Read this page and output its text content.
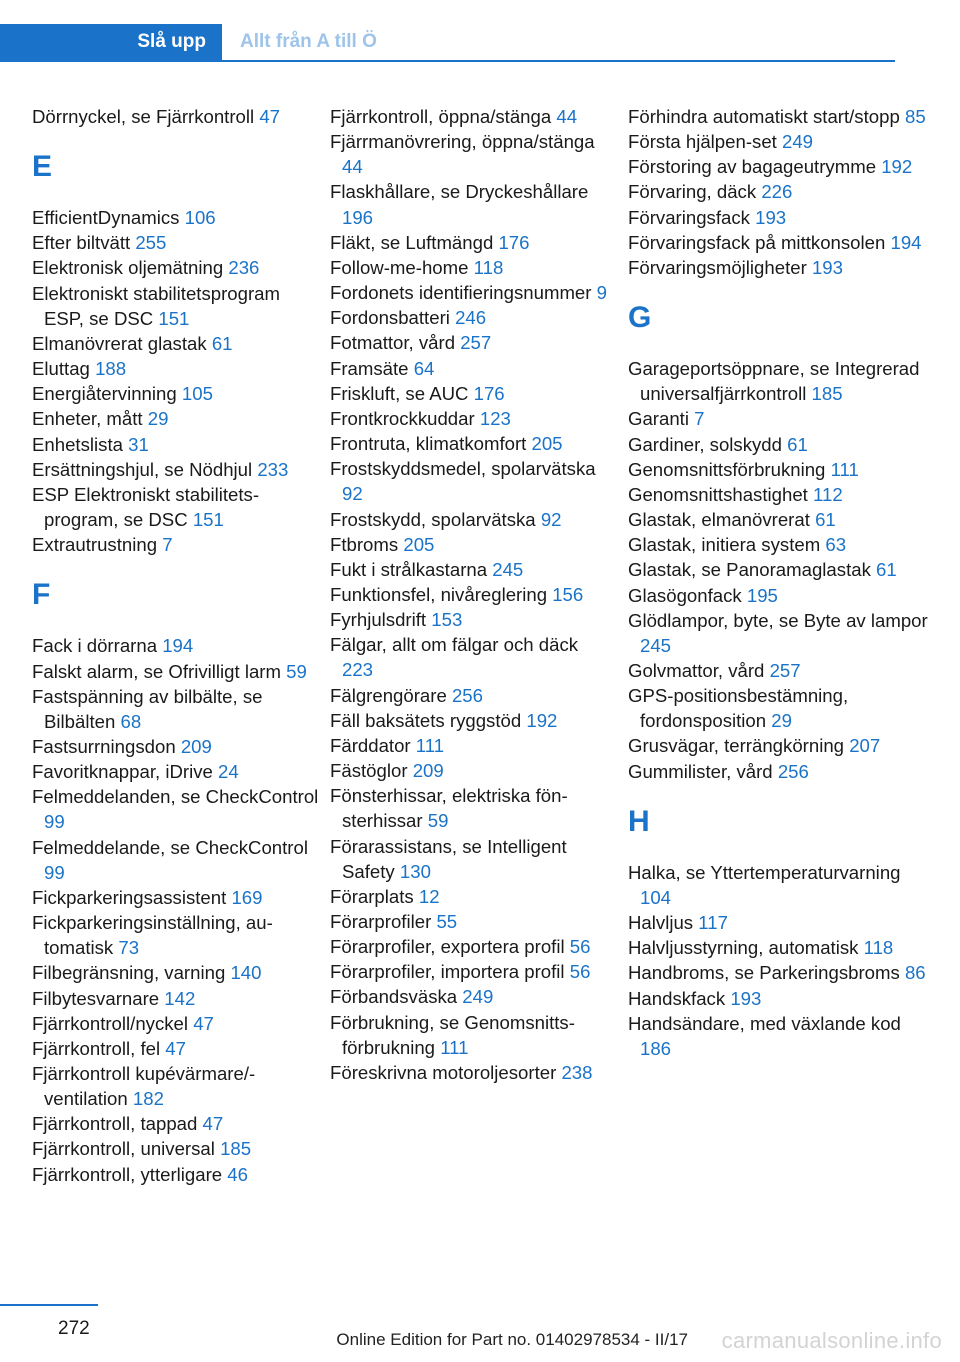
Slå upp	Allt från A till Ö
Dörrnyckel, se Fjärrkontroll 47
E
EfficientDynamics 106
Efter biltvätt 255
Elektronisk oljemätning 236
Elektroniskt stabilitetsprogram ESP, se DSC 151
Elmanövrerat glastak 61
Eluttag 188
Energiåtervinning 105
Enheter, mått 29
Enhetslista 31
Ersättningshjul, se Nödhjul 233
ESP Elektroniskt stabilitetsprogram, se DSC 151
Extrautrustning 7
F
Fack i dörrarna 194
Falskt alarm, se Ofrivilligt larm 59
Fastspänning av bilbälte, se Bilbälten 68
Fastsurrningsdon 209
Favoritknappar, iDrive 24
Felmeddelanden, se CheckControl 99
Felmeddelande, se CheckControl 99
Fickparkeringsassistent 169
Fickparkeringsinställning, automatisk 73
Filbegränsning, varning 140
Filbytesvarnare 142
Fjärrkontroll/nyckel 47
Fjärrkontroll, fel 47
Fjärrkontroll kupévärmare/ventilation 182
Fjärrkontroll, tappad 47
Fjärrkontroll, universal 185
Fjärrkontroll, ytterligare 46
Fjärrkontroll, öppna/stänga 44
Fjärrmanövrering, öppna/stänga 44
Flaskhållare, se Dryckeshållare 196
Fläkt, se Luftmängd 176
Follow-me-home 118
Fordonets identifieringsnummer 9
Fordonsbatteri 246
Fotmattor, vård 257
Framsäte 64
Friskluft, se AUC 176
Frontkrockkuddar 123
Frontruta, klimatkomfort 205
Frostskyddsmedel, spolarvätska 92
Frostskydd, spolarvätska 92
Ftbroms 205
Fukt i strålkastarna 245
Funktionsfel, nivåreglering 156
Fyrhjulsdrift 153
Fälgar, allt om fälgar och däck 223
Fälgrengörare 256
Fäll baksätets ryggstöd 192
Färddator 111
Fästöglor 209
Fönsterhissar, elektriska fönsterhissar 59
Förarassistans, se Intelligent Safety 130
Förarplats 12
Förarprofiler 55
Förarprofiler, exportera profil 56
Förarprofiler, importera profil 56
Förbandsväska 249
Förbrukning, se Genomsnittsförbrukning 111
Föreskrivna motoroljesorter 238
Förhindra automatiskt start/stopp 85
Första hjälpen-set 249
Förstoring av bagageutrymme 192
Förvaring, däck 226
Förvaringsfack 193
Förvaringsfack på mittkonsolen 194
Förvaringsmöjligheter 193
G
Garageportsöppnare, se Integrerad universalfjärrkontroll 185
Garanti 7
Gardiner, solskydd 61
Genomsnittsförbrukning 111
Genomsnittshastighet 112
Glastak, elmanövrerat 61
Glastak, initiera system 63
Glastak, se Panoramaglastak 61
Glasögonfack 195
Glödlampor, byte, se Byte av lampor 245
Golvmattor, vård 257
GPS-positionsbestämning, fordonsposition 29
Grusvägar, terrängkörning 207
Gummilister, vård 256
H
Halka, se Yttertemperaturvarning 104
Halvljus 117
Halvljusstyrning, automatisk 118
Handbroms, se Parkeringsbroms 86
Handskfack 193
Handsändare, med växlande kod 186
272
Online Edition for Part no. 01402978534 - II/17 carmanualsonline.info
